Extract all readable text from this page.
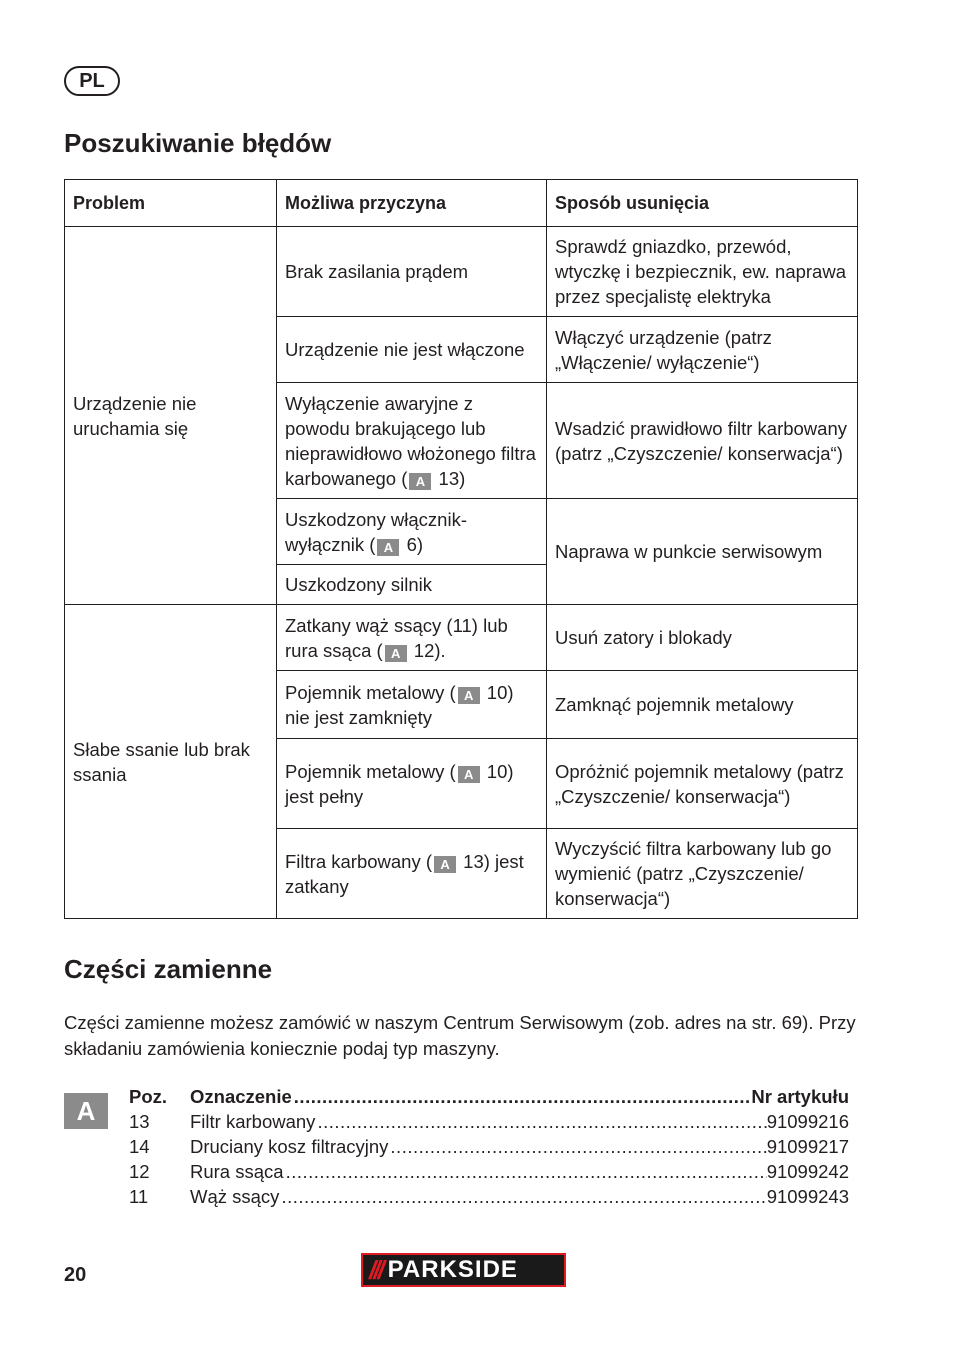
PL
Poszukiwanie błędów
Problem	Możliwa przyczyna	Sposób usunięcia
Urządzenie nie uruchamia się	Brak zasilania prądem	Sprawdź gniazdko, przewód, wtyczkę i bezpiecznik, ew. naprawa przez specjalistę elektryka
	Urządzenie nie jest włączone	Włączyć urządzenie (patrz „Włączenie/ wyłączenie“)
	Wyłączenie awaryjne z powodu brakującego lub nieprawidłowo włożonego filtra karbowanego ( A 13)	Wsadzić prawidłowo filtr karbowany (patrz „Czyszczenie/ konserwacja“)
	Uszkodzony włącznik-wyłącznik ( A 6)	Naprawa w punkcie serwisowym
	Uszkodzony silnik	
Słabe ssanie lub brak ssania	Zatkany wąż ssący (11) lub rura ssąca ( A 12).	Usuń zatory i blokady
	Pojemnik metalowy ( A 10) nie jest zamknięty	Zamknąć pojemnik metalowy
	Pojemnik metalowy ( A 10) jest pełny	Opróżnić pojemnik metalowy (patrz „Czyszczenie/ konserwacja“)
	Filtra karbowany ( A 13) jest zatkany	Wyczyścić filtra karbowany lub go wymienić (patrz „Czyszczenie/ konserwacja“)
Części zamienne

Części zamienne możesz zamówić w naszym Centrum Serwisowym (zob. adres na str. 69). Przy składaniu zamówienia koniecznie podaj typ maszyny.

A	Poz.	Oznaczenie .....	Nr artykułu
13	Filtr karbowany .....	91099216
14	Druciany kosz filtracyjny .....	91099217
12	Rura ssąca .....	91099242
11	Wąż ssący .....	91099243
20	/// PARKSIDE
